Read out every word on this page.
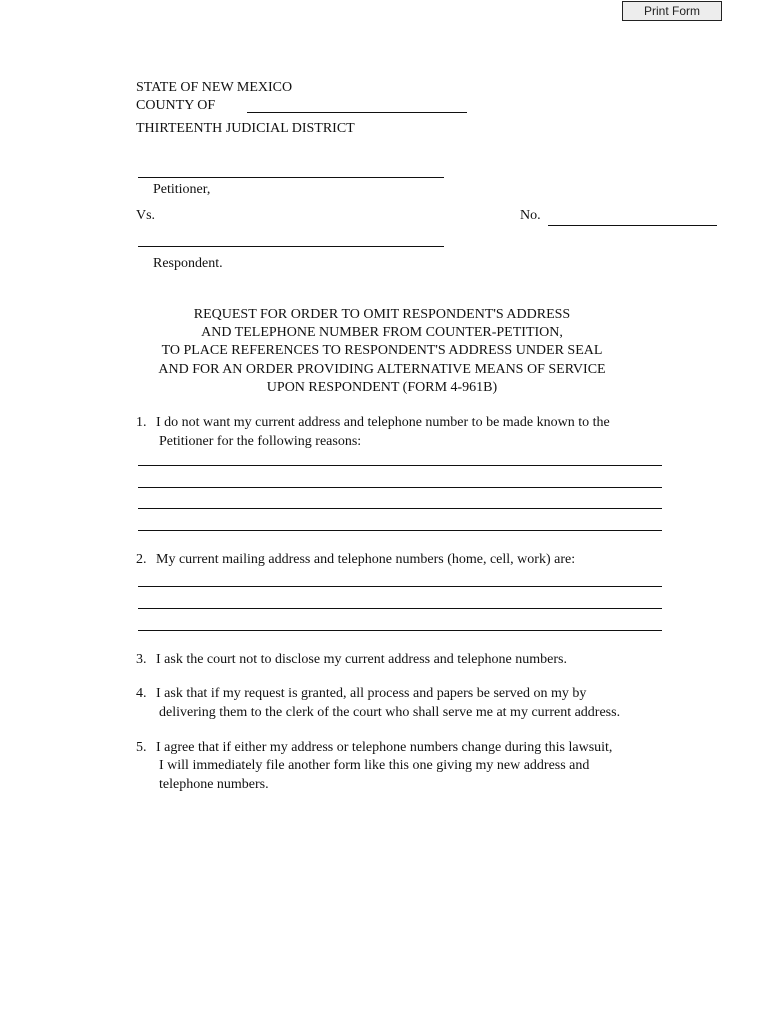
Print Form
STATE OF NEW MEXICO
COUNTY OF
THIRTEENTH JUDICIAL DISTRICT
Petitioner,
Vs.	No.
Respondent.
REQUEST FOR ORDER TO OMIT RESPONDENT'S ADDRESS
AND TELEPHONE NUMBER FROM COUNTER-PETITION,
TO PLACE REFERENCES TO RESPONDENT'S ADDRESS UNDER SEAL
AND FOR AN ORDER PROVIDING ALTERNATIVE MEANS OF SERVICE
UPON RESPONDENT (FORM 4-961B)
1. I do not want my current address and telephone number to be made known to the
Petitioner for the following reasons:
2. My current mailing address and telephone numbers (home, cell, work) are:
3. I ask the court not to disclose my current address and telephone numbers.
4. I ask that if my request is granted, all process and papers be served on my by
delivering them to the clerk of the court who shall serve me at my current address.
5. I agree that if either my address or telephone numbers change during this lawsuit,
I will immediately file another form like this one giving my new address and
telephone numbers.
